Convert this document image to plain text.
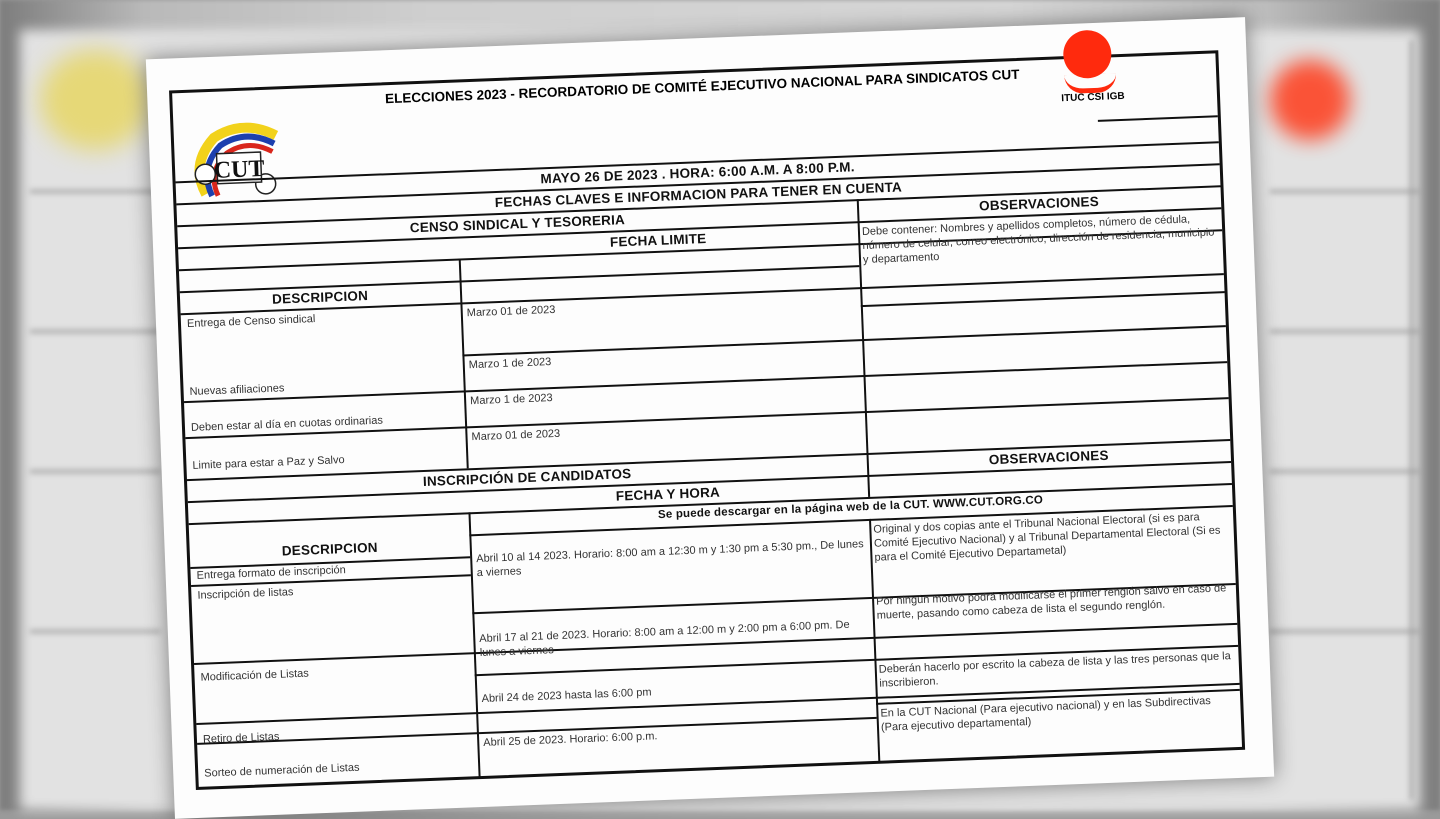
ELECCIONES 2023 - RECORDATORIO DE COMITÉ EJECUTIVO NACIONAL PARA SINDICATOS CUT	ITUC CSI IGB
CUT	MAYO 26 DE 2023 . HORA: 6:00 A.M. A 8:00 P.M.
FECHAS CLAVES E INFORMACION PARA TENER EN CUENTA
CENSO SINDICAL Y TESORERIA
OBSERVACIONES
FECHA LIMITE
DESCRIPCION
Entrega de Censo sindical
Marzo 01 de 2023
Debe contener: Nombres y apellidos completos, número de cédula, número de celular, correo electrónico, dirección de residencia, municipio y departamento
Nuevas afiliaciones
Marzo 1 de 2023
Deben estar al día en cuotas ordinarias
Marzo 1 de 2023
Limite para estar a Paz y Salvo
Marzo 01 de 2023
INSCRIPCIÓN DE CANDIDATOS
OBSERVACIONES
FECHA Y HORA
Se puede descargar en la página web de la CUT. WWW.CUT.ORG.CO
DESCRIPCION
Entrega formato de inscripción
Inscripción de listas
Abril 10 al 14 2023. Horario: 8:00 am a 12:30 m y 1:30 pm a 5:30 pm., De lunes a viernes
Original y dos copias ante el Tribunal Nacional Electoral (si es para Comité Ejecutivo Nacional) y al Tribunal Departamental Electoral (Si es para el Comité Ejecutivo Departametal)
Modificación de Listas
Abril 17 al 21 de 2023. Horario: 8:00 am a 12:00 m y 2:00 pm a 6:00 pm. De lunes a viernes
Por ningún motivo podrá modificarse el primer renglón salvo en caso de muerte, pasando como cabeza de lista el segundo renglón.
Retiro de Listas
Abril 24 de 2023 hasta las 6:00 pm
Deberán hacerlo por escrito la cabeza de lista y las tres personas que la inscribieron.
Sorteo de numeración de Listas
Abril 25 de 2023. Horario: 6:00 p.m.
En la CUT Nacional (Para ejecutivo nacional) y en las Subdirectivas (Para ejecutivo departamental)
